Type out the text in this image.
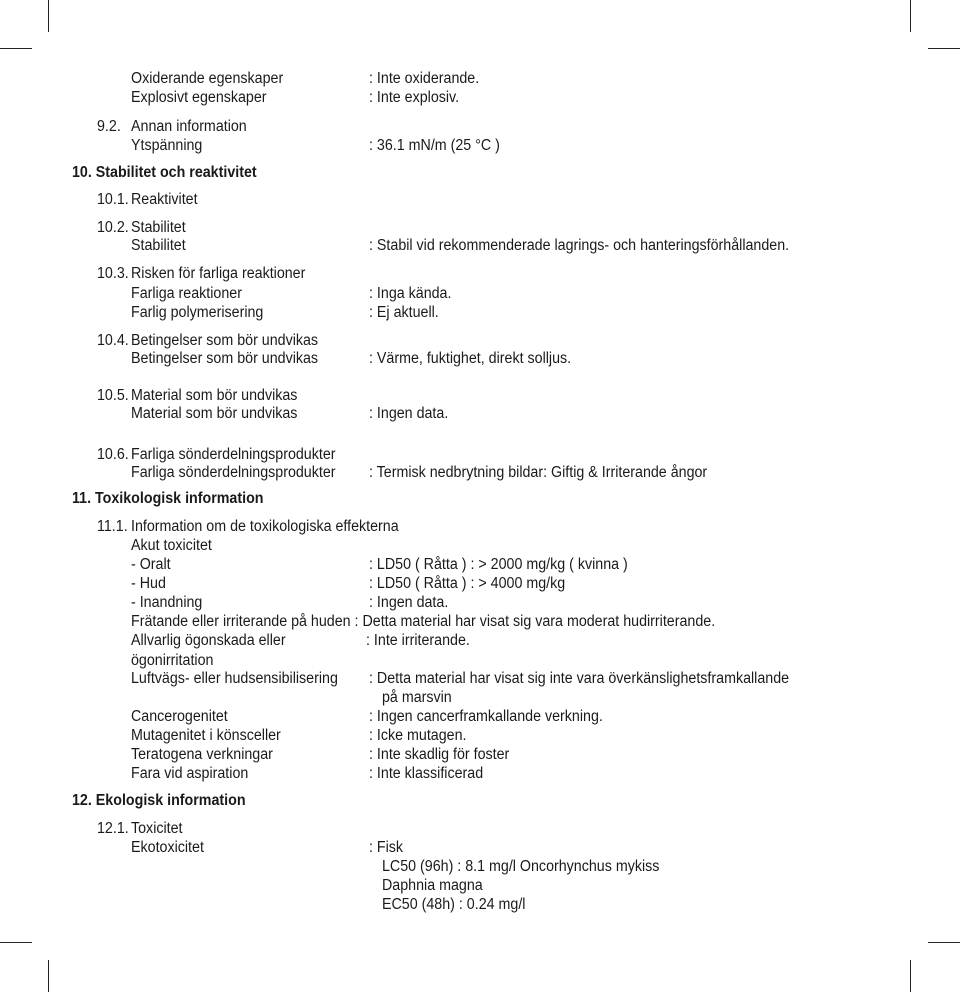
Oxiderande egenskaper	: Inte oxiderande.
Explosivt egenskaper	: Inte explosiv.
9.2. Annan information
Ytspänning	: 36.1 mN/m (25 °C )
10. Stabilitet och reaktivitet
10.1. Reaktivitet
10.2. Stabilitet
Stabilitet	: Stabil vid rekommenderade lagrings- och hanteringsförhållanden.
10.3. Risken för farliga reaktioner
Farliga reaktioner	: Inga kända.
Farlig polymerisering	: Ej aktuell.
10.4. Betingelser som bör undvikas
Betingelser som bör undvikas	: Värme, fuktighet, direkt solljus.
10.5. Material som bör undvikas
Material som bör undvikas	: Ingen data.
10.6. Farliga sönderdelningsprodukter
Farliga sönderdelningsprodukter : Termisk nedbrytning bildar: Giftig & Irriterande ångor
11. Toxikologisk information
11.1. Information om de toxikologiska effekterna
Akut toxicitet
- Oralt	: LD50 ( Råtta ) : > 2000 mg/kg ( kvinna )
- Hud	: LD50 ( Råtta ) : > 4000 mg/kg
- Inandning	: Ingen data.
Frätande eller irriterande på huden : Detta material har visat sig vara moderat hudirriterande.
Allvarlig ögonskada eller	: Inte irriterande.
ögonirritation
Luftvägs- eller hudsensibilisering : Detta material har visat sig inte vara överkänslighetsframkallande
på marsvin
Cancerogenitet	: Ingen cancerframkallande verkning.
Mutagenitet i könsceller	: Icke mutagen.
Teratogena verkningar	: Inte skadlig för foster
Fara vid aspiration	: Inte klassificerad
12. Ekologisk information
12.1. Toxicitet
Ekotoxicitet	: Fisk
LC50 (96h) : 8.1 mg/l Oncorhynchus mykiss
Daphnia magna
EC50 (48h) : 0.24 mg/l
